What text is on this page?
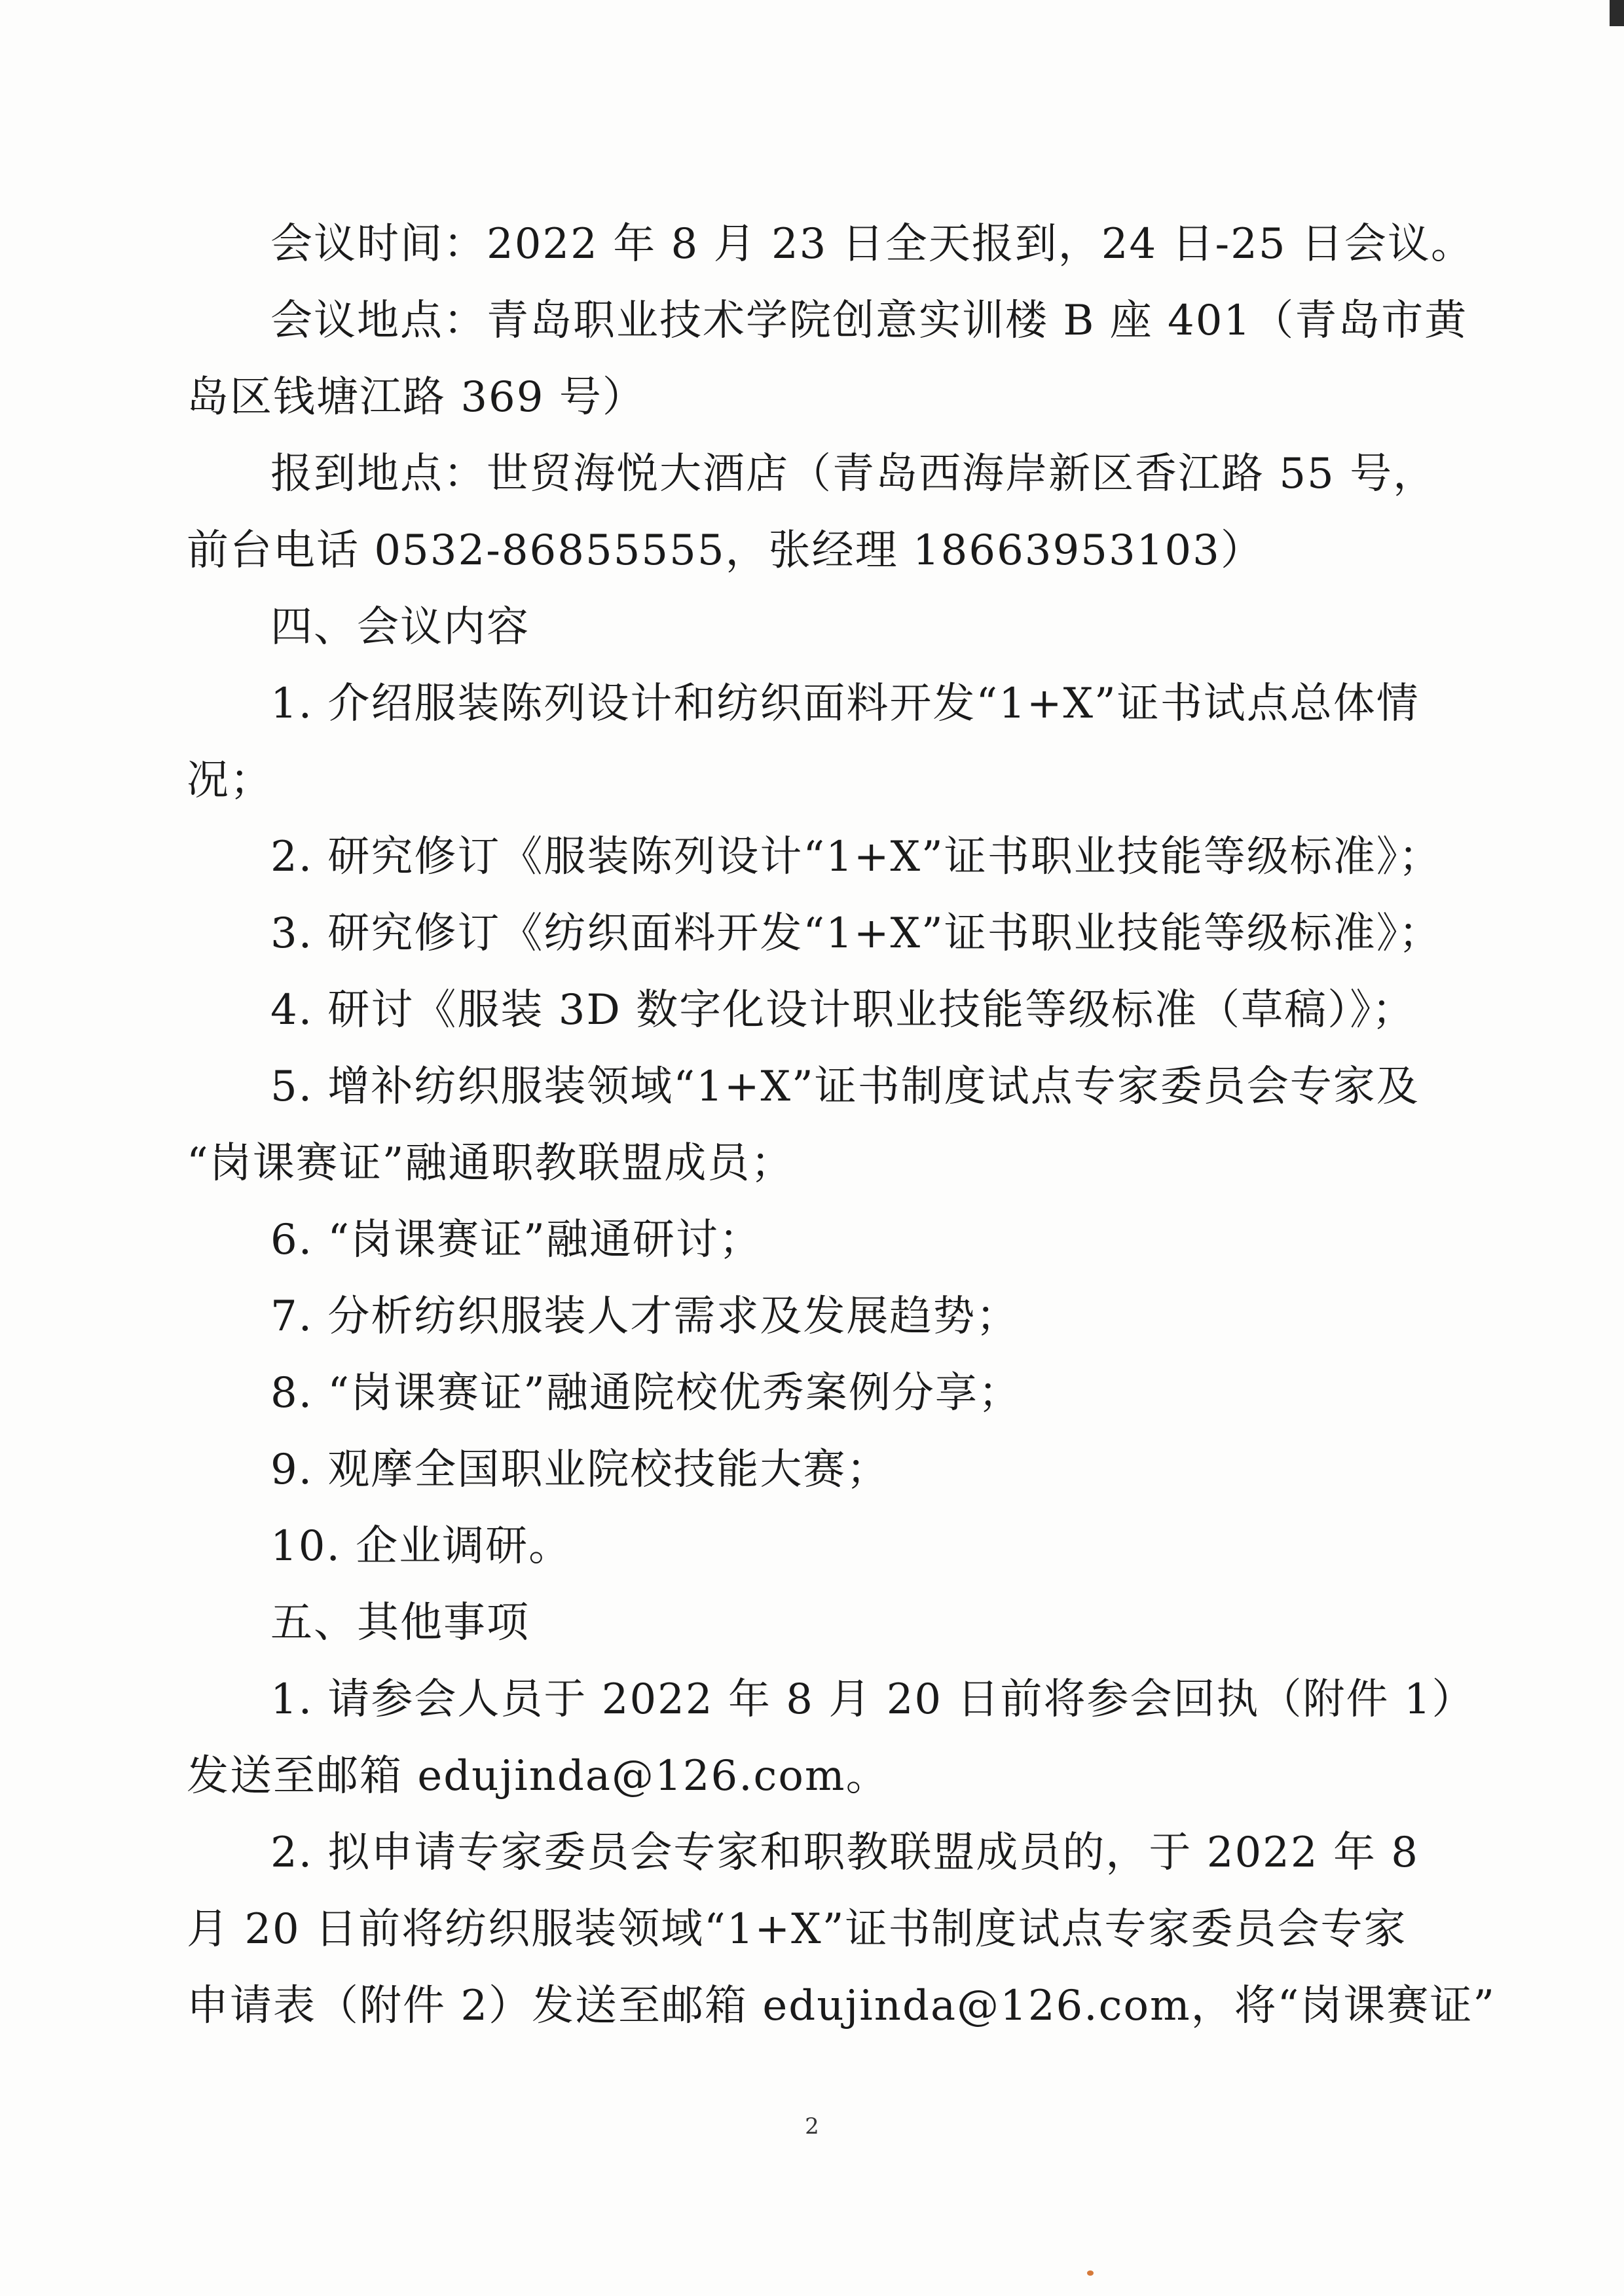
会议时间：2022 年 8 月 23 日全天报到，24 日-25 日会议。
会议地点：青岛职业技术学院创意实训楼 B 座 401（青岛市黄
岛区钱塘江路 369 号）
报到地点：世贸海悦大酒店（青岛西海岸新区香江路 55 号，
前台电话 0532-86855555，张经理 18663953103）
四、会议内容
1. 介绍服装陈列设计和纺织面料开发“1+X”证书试点总体情
况；
2. 研究修订《服装陈列设计“1+X”证书职业技能等级标准》；
3. 研究修订《纺织面料开发“1+X”证书职业技能等级标准》；
4. 研讨《服装 3D 数字化设计职业技能等级标准（草稿）》；
5. 增补纺织服装领域“1+X”证书制度试点专家委员会专家及
“岗课赛证”融通职教联盟成员；
6. “岗课赛证”融通研讨；
7. 分析纺织服装人才需求及发展趋势；
8. “岗课赛证”融通院校优秀案例分享；
9. 观摩全国职业院校技能大赛；
10. 企业调研。
五、其他事项
1. 请参会人员于 2022 年 8 月 20 日前将参会回执（附件 1）
发送至邮箱 edujinda@126.com。
2. 拟申请专家委员会专家和职教联盟成员的，于 2022 年 8
月 20 日前将纺织服装领域“1+X”证书制度试点专家委员会专家
申请表（附件 2）发送至邮箱 edujinda@126.com，将“岗课赛证”
2
